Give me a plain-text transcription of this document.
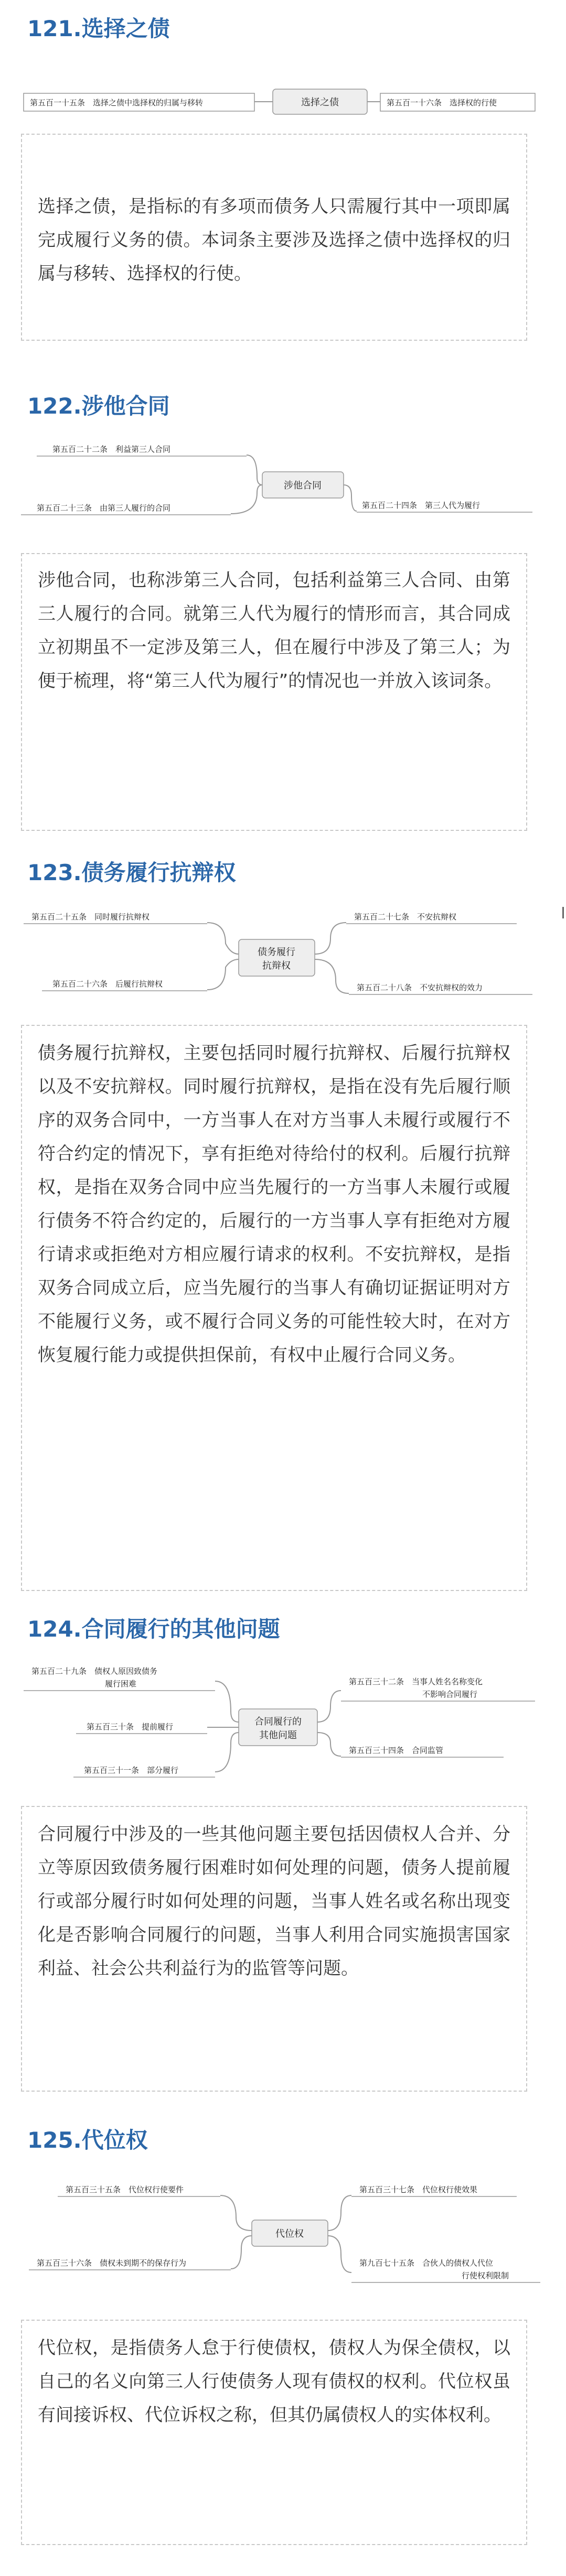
121.选择之债
第五百一十五条　选择之债中选择权的归属与移转	选择之债	第五百一十六条　选择权的行使
选择之债，是指标的有多项而债务人只需履行其中一项即属完成履行义务的债。本词条主要涉及选择之债中选择权的归属与移转、选择权的行使。
122.涉他合同
第五百二十二条　利益第三人合同
第五百二十三条　由第三人履行的合同
涉他合同
第五百二十四条　第三人代为履行
涉他合同，也称涉第三人合同，包括利益第三人合同、由第三人履行的合同。就第三人代为履行的情形而言，其合同成立初期虽不一定涉及第三人，但在履行中涉及了第三人；为便于梳理，将“第三人代为履行”的情况也一并放入该词条。
123.债务履行抗辩权
第五百二十五条　同时履行抗辩权
第五百二十六条　后履行抗辩权
债务履行
抗辩权
第五百二十七条　不安抗辩权
第五百二十八条　不安抗辩权的效力
债务履行抗辩权，主要包括同时履行抗辩权、后履行抗辩权以及不安抗辩权。同时履行抗辩权，是指在没有先后履行顺序的双务合同中，一方当事人在对方当事人未履行或履行不符合约定的情况下，享有拒绝对待给付的权利。后履行抗辩权，是指在双务合同中应当先履行的一方当事人未履行或履行债务不符合约定的，后履行的一方当事人享有拒绝对方履行请求或拒绝对方相应履行请求的权利。不安抗辩权，是指双务合同成立后，应当先履行的当事人有确切证据证明对方不能履行义务，或不履行合同义务的可能性较大时，在对方恢复履行能力或提供担保前，有权中止履行合同义务。
124.合同履行的其他问题
第五百二十九条　债权人原因致债务
履行困难
第五百三十条　提前履行
第五百三十一条　部分履行
合同履行的
其他问题
第五百三十二条　当事人姓名名称变化
不影响合同履行
第五百三十四条　合同监管
合同履行中涉及的一些其他问题主要包括因债权人合并、分立等原因致债务履行困难时如何处理的问题，债务人提前履行或部分履行时如何处理的问题，当事人姓名或名称出现变化是否影响合同履行的问题，当事人利用合同实施损害国家利益、社会公共利益行为的监管等问题。
125.代位权
第五百三十五条　代位权行使要件
第五百三十六条　债权未到期不的保存行为
代位权
第五百三十七条　代位权行使效果
第九百七十五条　合伙人的债权人代位
行使权利限制
代位权，是指债务人怠于行使债权，债权人为保全债权，以自己的名义向第三人行使债务人现有债权的权利。代位权虽有间接诉权、代位诉权之称，但其仍属债权人的实体权利。
